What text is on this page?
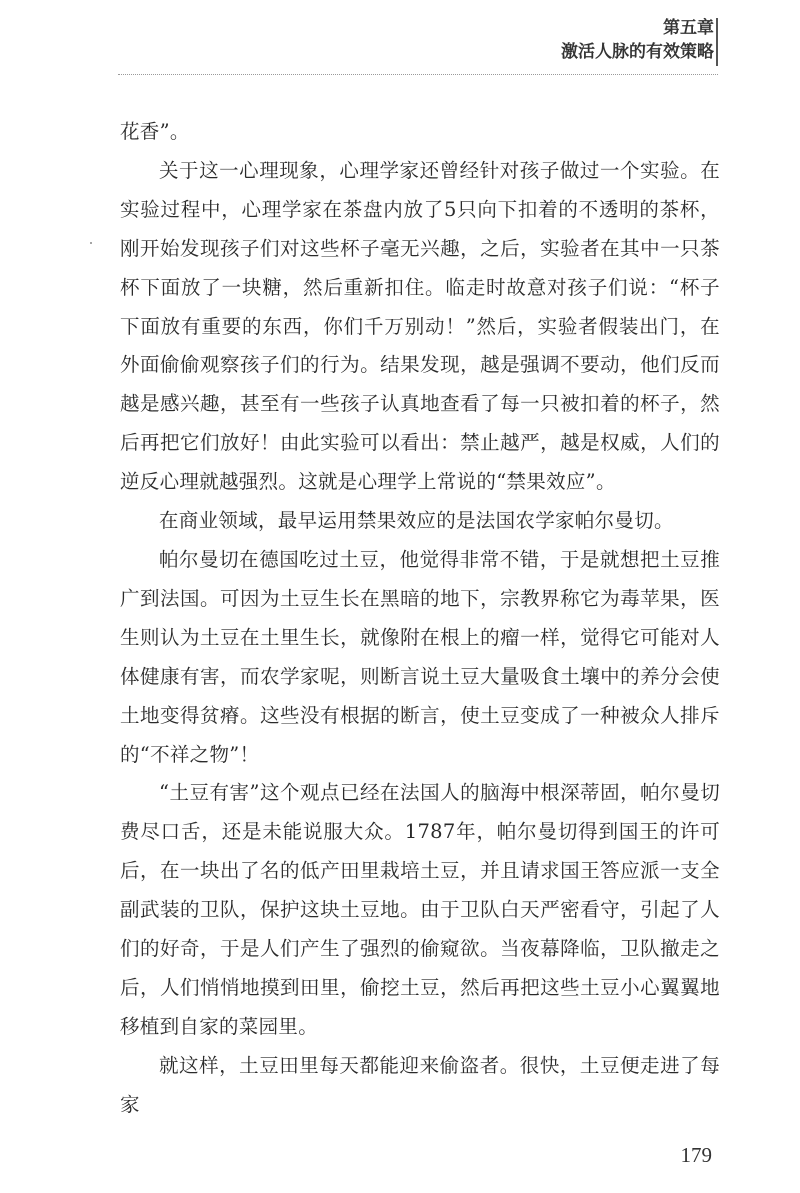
第五章
激活人脉的有效策略

花香”。

关于这一心理现象，心理学家还曾经针对孩子做过一个实验。在实验过程中，心理学家在茶盘内放了5只向下扣着的不透明的茶杯，刚开始发现孩子们对这些杯子毫无兴趣，之后，实验者在其中一只茶杯下面放了一块糖，然后重新扣住。临走时故意对孩子们说：“杯子下面放有重要的东西，你们千万别动！”然后，实验者假装出门，在外面偷偷观察孩子们的行为。结果发现，越是强调不要动，他们反而越是感兴趣，甚至有一些孩子认真地查看了每一只被扣着的杯子，然后再把它们放好！由此实验可以看出：禁止越严，越是权威，人们的逆反心理就越强烈。这就是心理学上常说的“禁果效应”。

在商业领域，最早运用禁果效应的是法国农学家帕尔曼切。

帕尔曼切在德国吃过土豆，他觉得非常不错，于是就想把土豆推广到法国。可因为土豆生长在黑暗的地下，宗教界称它为毒苹果，医生则认为土豆在土里生长，就像附在根上的瘤一样，觉得它可能对人体健康有害，而农学家呢，则断言说土豆大量吸食土壤中的养分会使土地变得贫瘠。这些没有根据的断言，使土豆变成了一种被众人排斥的“不祥之物”！

“土豆有害”这个观点已经在法国人的脑海中根深蒂固，帕尔曼切费尽口舌，还是未能说服大众。1787年，帕尔曼切得到国王的许可后，在一块出了名的低产田里栽培土豆，并且请求国王答应派一支全副武装的卫队，保护这块土豆地。由于卫队白天严密看守，引起了人们的好奇，于是人们产生了强烈的偷窥欲。当夜幕降临，卫队撤走之后，人们悄悄地摸到田里，偷挖土豆，然后再把这些土豆小心翼翼地移植到自家的菜园里。

就这样，土豆田里每天都能迎来偷盗者。很快，土豆便走进了每家

179
